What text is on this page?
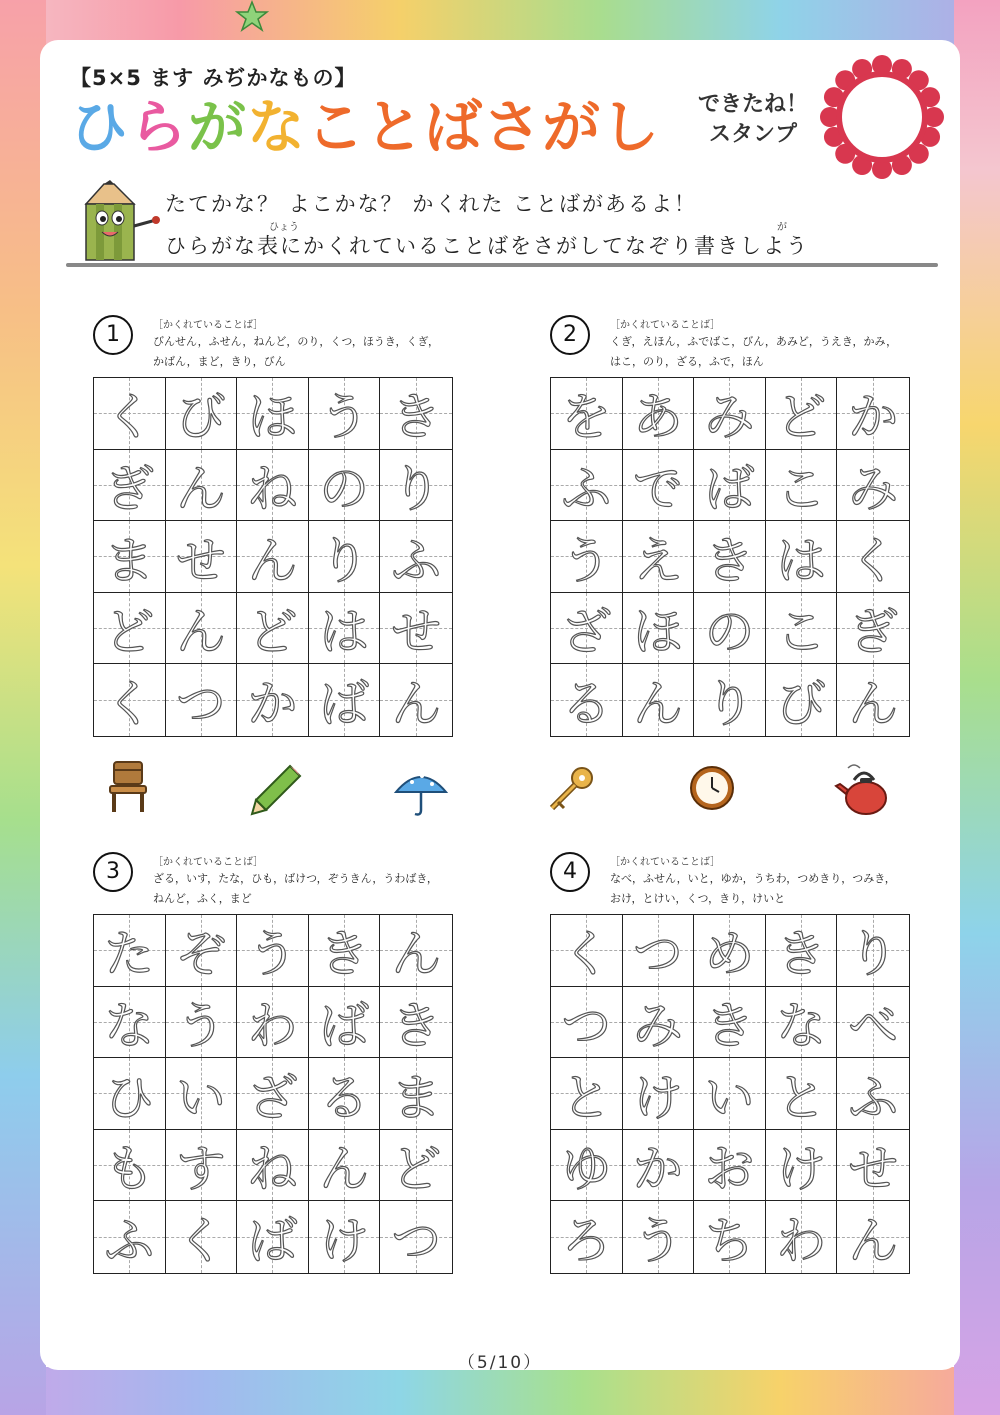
【5×5 ます みぢかなもの】
ひらがなことばさがし	できたね！
スタンプ
たてかな？ よこかな？ かくれた ことばがあるよ！
ひょう	が
ひらがな表にかくれていることばをさがしてなぞり書きしよう
1	［かくれていることば］
びんせん，ふせん，ねんど，のり，くつ，ほうき，くぎ，
かばん，まど，きり，びん
く び ほ う き
ぎ ん ね の り
ま せ ん り ふ
ど ん ど は せ
く つ か ば ん
2	［かくれていることば］
くぎ，えほん，ふでばこ，びん，あみど，うえき，かみ，
はこ，のり，ざる，ふで，ほん
を あ み ど か
ふ で ば こ み
う え き は く
ざ ほ の こ ぎ
る ん り び ん
3	［かくれていることば］
ざる，いす，たな，ひも，ばけつ，ぞうきん，うわばき，
ねんど，ふく，まど
た ぞ う き ん
な う わ ば き
ひ い ざ る ま
も す ね ん ど
ふ く ば け つ
4	［かくれていることば］
なべ，ふせん，いと，ゆか，うちわ，つめきり，つみき，
おけ，とけい，くつ，きり，けいと
く つ め き り
つ み き な べ
と け い と ふ
ゆ か お け せ
ろ う ち わ ん
（5/10）
